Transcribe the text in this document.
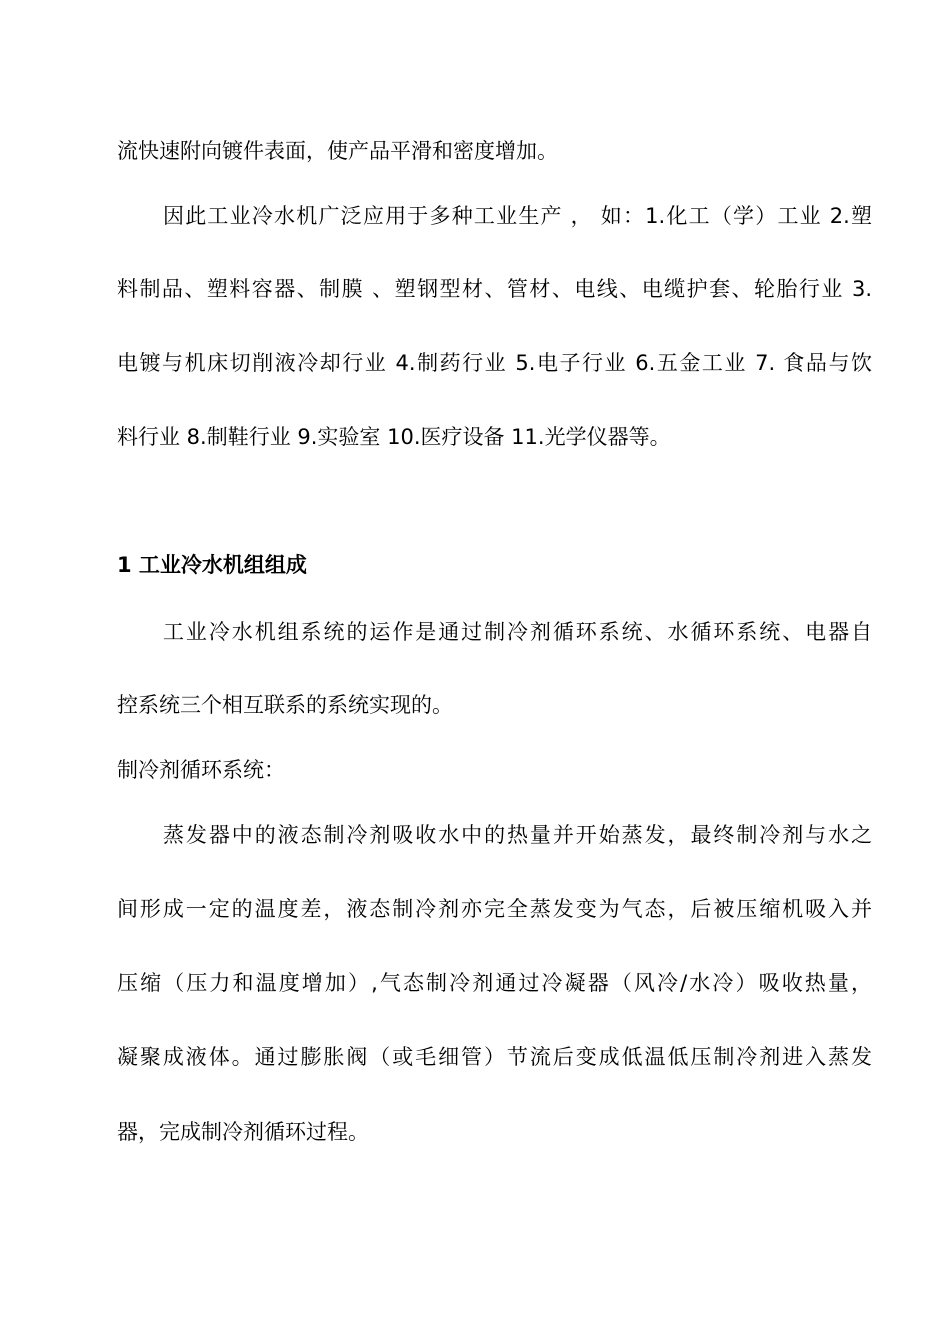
流快速附向镀件表面，使产品平滑和密度增加。
因此工业冷水机广泛应用于多种工业生产 ， 如：1.化工（学）工业 2.塑
料制品、塑料容器、制膜 、塑钢型材、管材、电线、电缆护套、轮胎行业 3.
电镀与机床切削液冷却行业 4.制药行业 5.电子行业 6.五金工业 7. 食品与饮
料行业 8.制鞋行业 9.实验室 10.医疗设备 11.光学仪器等。
1 工业冷水机组组成
工业冷水机组系统的运作是通过制冷剂循环系统、水循环系统、电器自
控系统三个相互联系的系统实现的。
制冷剂循环系统：
蒸发器中的液态制冷剂吸收水中的热量并开始蒸发，最终制冷剂与水之
间形成一定的温度差，液态制冷剂亦完全蒸发变为气态，后被压缩机吸入并
压缩（压力和温度增加）,气态制冷剂通过冷凝器（风冷/水冷）吸收热量，
凝聚成液体。通过膨胀阀（或毛细管）节流后变成低温低压制冷剂进入蒸发
器，完成制冷剂循环过程。
